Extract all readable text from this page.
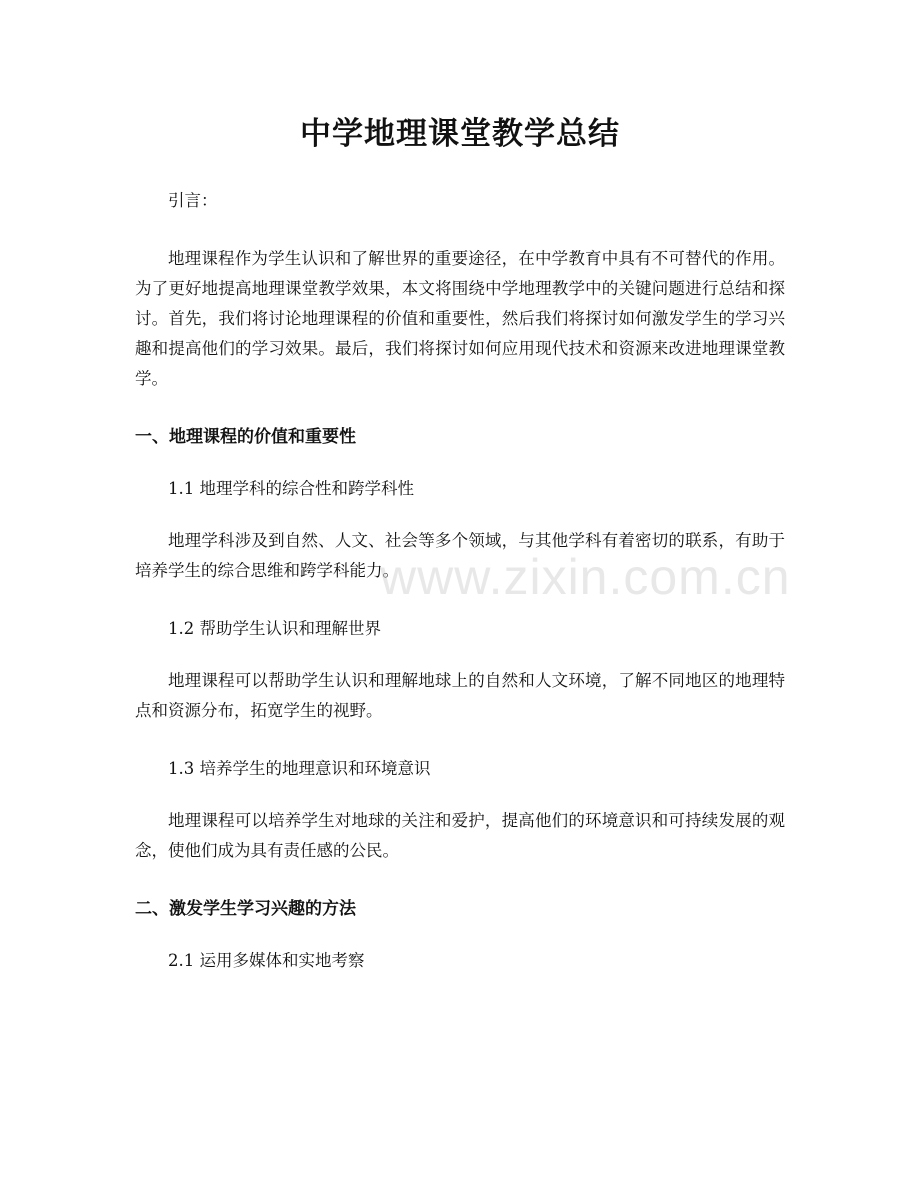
中学地理课堂教学总结

引言：

地理课程作为学生认识和了解世界的重要途径，在中学教育中具有不可替代的作用。为了更好地提高地理课堂教学效果，本文将围绕中学地理教学中的关键问题进行总结和探讨。首先，我们将讨论地理课程的价值和重要性，然后我们将探讨如何激发学生的学习兴趣和提高他们的学习效果。最后，我们将探讨如何应用现代技术和资源来改进地理课堂教学。

一、地理课程的价值和重要性

1.1 地理学科的综合性和跨学科性

地理学科涉及到自然、人文、社会等多个领域，与其他学科有着密切的联系，有助于培养学生的综合思维和跨学科能力。

1.2 帮助学生认识和理解世界

地理课程可以帮助学生认识和理解地球上的自然和人文环境，了解不同地区的地理特点和资源分布，拓宽学生的视野。

1.3 培养学生的地理意识和环境意识

地理课程可以培养学生对地球的关注和爱护，提高他们的环境意识和可持续发展的观念，使他们成为具有责任感的公民。

二、激发学生学习兴趣的方法

2.1 运用多媒体和实地考察

www.zixin.com.cn
